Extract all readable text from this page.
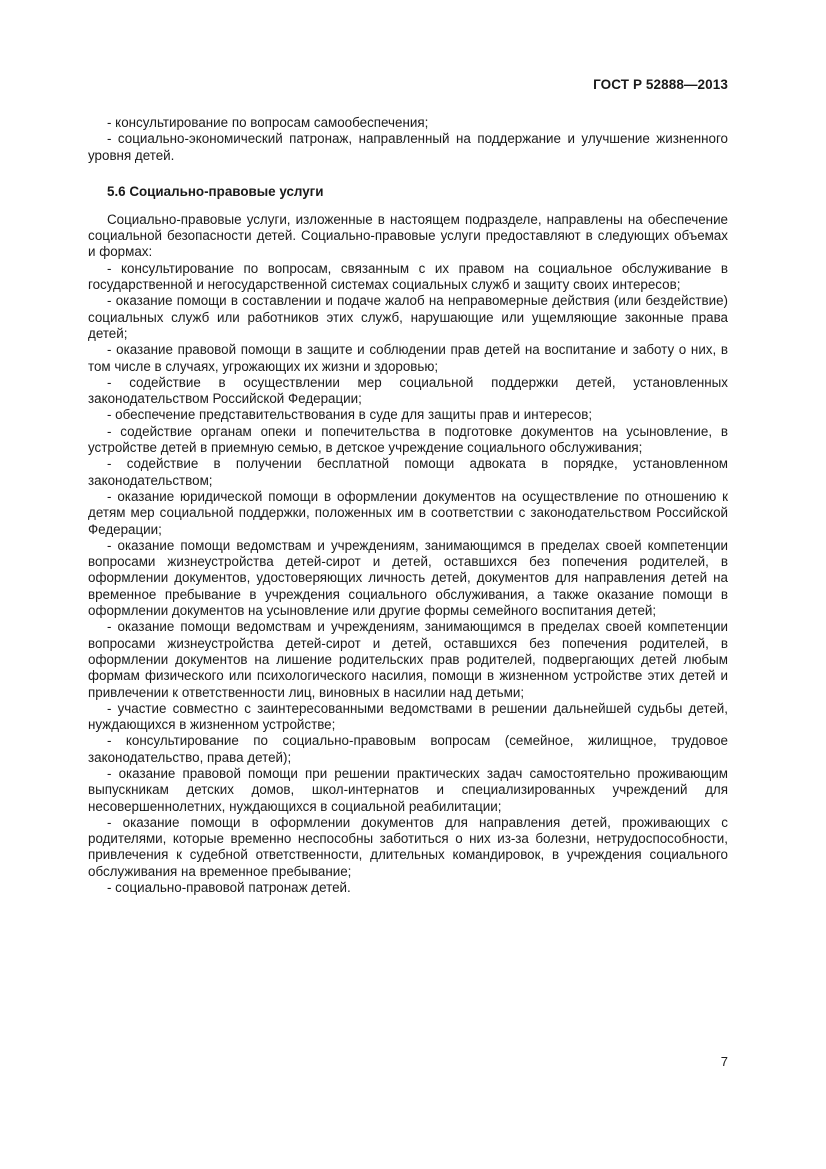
ГОСТ Р 52888—2013

- консультирование по вопросам самообеспечения;

- социально-экономический патронаж, направленный на поддержание и улучшение жизненного уровня детей.

5.6 Социально-правовые услуги

Социально-правовые услуги, изложенные в настоящем подразделе, направлены на обеспечение социальной безопасности детей. Социально-правовые услуги предоставляют в следующих объемах и формах:

- консультирование по вопросам, связанным с их правом на социальное обслуживание в государственной и негосударственной системах социальных служб и защиту своих интересов;

- оказание помощи в составлении и подаче жалоб на неправомерные действия (или бездействие) социальных служб или работников этих служб, нарушающие или ущемляющие законные права детей;

- оказание правовой помощи в защите и соблюдении прав детей на воспитание и заботу о них, в том числе в случаях, угрожающих их жизни и здоровью;

- содействие в осуществлении мер социальной поддержки детей, установленных законодательством Российской Федерации;

- обеспечение представительствования в суде для защиты прав и интересов;

- содействие органам опеки и попечительства в подготовке документов на усыновление, в устройстве детей в приемную семью, в детское учреждение социального обслуживания;

- содействие в получении бесплатной помощи адвоката в порядке, установленном законодательством;

- оказание юридической помощи в оформлении документов на осуществление по отношению к детям мер социальной поддержки, положенных им в соответствии с законодательством Российской Федерации;

- оказание помощи ведомствам и учреждениям, занимающимся в пределах своей компетенции вопросами жизнеустройства детей-сирот и детей, оставшихся без попечения родителей, в оформлении документов, удостоверяющих личность детей, документов для направления детей на временное пребывание в учреждения социального обслуживания, а также оказание помощи в оформлении документов на усыновление или другие формы семейного воспитания детей;

- оказание помощи ведомствам и учреждениям, занимающимся в пределах своей компетенции вопросами жизнеустройства детей-сирот и детей, оставшихся без попечения родителей, в оформлении документов на лишение родительских прав родителей, подвергающих детей любым формам физического или психологического насилия, помощи в жизненном устройстве этих детей и привлечении к ответственности лиц, виновных в насилии над детьми;

- участие совместно с заинтересованными ведомствами в решении дальнейшей судьбы детей, нуждающихся в жизненном устройстве;

- консультирование по социально-правовым вопросам (семейное, жилищное, трудовое законодательство, права детей);

- оказание правовой помощи при решении практических задач самостоятельно проживающим выпускникам детских домов, школ-интернатов и специализированных учреждений для несовершеннолетних, нуждающихся в социальной реабилитации;

- оказание помощи в оформлении документов для направления детей, проживающих с родителями, которые временно неспособны заботиться о них из-за болезни, нетрудоспособности, привлечения к судебной ответственности, длительных командировок, в учреждения социального обслуживания на временное пребывание;

- социально-правовой патронаж детей.

7
